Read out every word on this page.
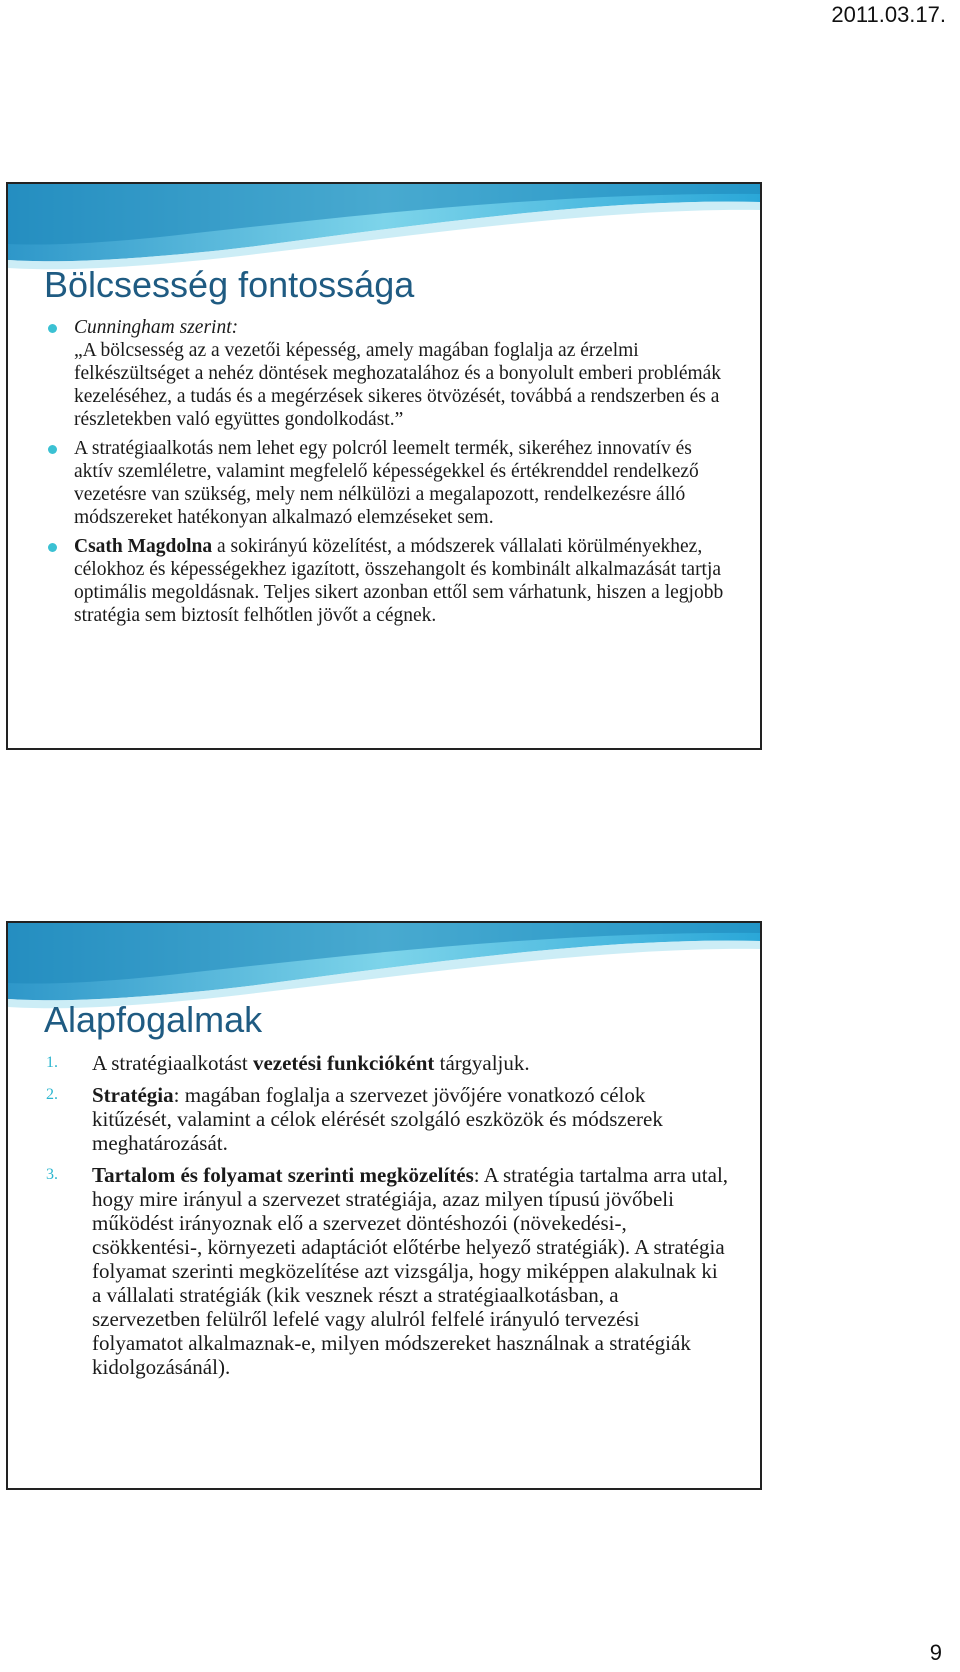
2011.03.17.
Bölcsesség fontossága
Cunningham szerint:
„A bölcsesség az a vezetői képesség, amely magában foglalja az érzelmi felkészültséget a nehéz döntések meghozatalához és a bonyolult emberi problémák kezeléséhez, a tudás és a megérzések sikeres ötvözését, továbbá a rendszerben és a részletekben való együttes gondolkodást.”
A stratégiaalkotás nem lehet egy polcról leemelt termék, sikeréhez innovatív és aktív szemléletre, valamint megfelelő képességekkel és értékrenddel rendelkező vezetésre van szükség, mely nem nélkülözi a megalapozott, rendelkezésre álló módszereket hatékonyan alkalmazó elemzéseket sem.
Csath Magdolna a sokirányú közelítést, a módszerek vállalati körülményekhez, célokhoz és képességekhez igazított, összehangolt és kombinált alkalmazását tartja optimális megoldásnak. Teljes sikert azonban ettől sem várhatunk, hiszen a legjobb stratégia sem biztosít felhőtlen jövőt a cégnek.
Alapfogalmak
1. A stratégiaalkotást vezetési funkcióként tárgyaljuk.
2. Stratégia: magában foglalja a szervezet jövőjére vonatkozó célok kitűzését, valamint a célok elérését szolgáló eszközök és módszerek meghatározását.
3. Tartalom és folyamat szerinti megközelítés: A stratégia tartalma arra utal, hogy mire irányul a szervezet stratégiája, azaz milyen típusú jövőbeli működést irányoznak elő a szervezet döntéshozói (növekedési-, csökkentési-, környezeti adaptációt előtérbe helyező stratégiák). A stratégia folyamat szerinti megközelítése azt vizsgálja, hogy miképpen alakulnak ki a vállalati stratégiák (kik vesznek részt a stratégiaalkotásban, a szervezetben felülről lefelé vagy alulról felfelé irányuló tervezési folyamatot alkalmaznak-e, milyen módszereket használnak a stratégiák kidolgozásánál).
9
